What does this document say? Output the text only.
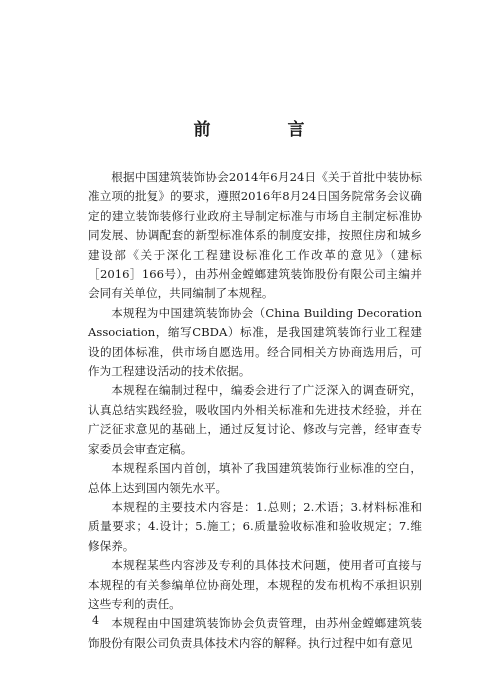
前　言

根据中国建筑装饰协会2014年6月24日《关于首批中装协标准立项的批复》的要求，遵照2016年8月24日国务院常务会议确定的建立装饰装修行业政府主导制定标准与市场自主制定标准协同发展、协调配套的新型标准体系的制度安排，按照住房和城乡建设部《关于深化工程建设标准化工作改革的意见》（建标［2016］166号），由苏州金螳螂建筑装饰股份有限公司主编并会同有关单位，共同编制了本规程。

本规程为中国建筑装饰协会（China Building Decoration Association，缩写CBDA）标准，是我国建筑装饰行业工程建设的团体标准，供市场自愿选用。经合同相关方协商选用后，可作为工程建设活动的技术依据。

本规程在编制过程中，编委会进行了广泛深入的调查研究，认真总结实践经验，吸收国内外相关标准和先进技术经验，并在广泛征求意见的基础上，通过反复讨论、修改与完善，经审查专家委员会审查定稿。

本规程系国内首创，填补了我国建筑装饰行业标准的空白，总体上达到国内领先水平。

本规程的主要技术内容是：1.总则；2.术语；3.材料标准和质量要求；4.设计；5.施工；6.质量验收标准和验收规定；7.维修保养。

本规程某些内容涉及专利的具体技术问题，使用者可直接与本规程的有关参编单位协商处理，本规程的发布机构不承担识别这些专利的责任。

本规程由中国建筑装饰协会负责管理，由苏州金螳螂建筑装饰股份有限公司负责具体技术内容的解释。执行过程中如有意见

4
